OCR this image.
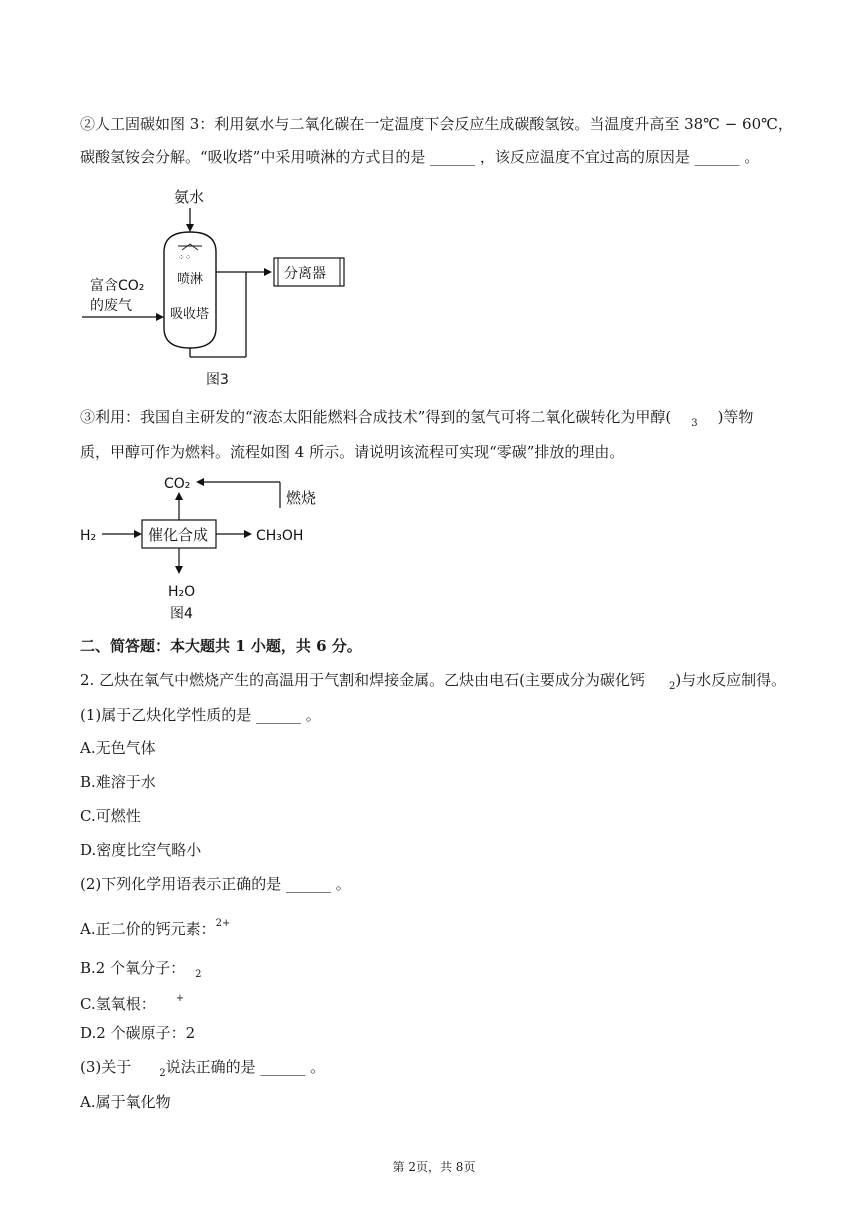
②人工固碳如图 3：利用氨水与二氧化碳在一定温度下会反应生成碳酸氢铵。当温度升高至 38℃ − 60℃，
碳酸氢铵会分解。“吸收塔”中采用喷淋的方式目的是 ______ ，该反应温度不宜过高的原因是 ______ 。
氨水
⁘⁘
喷淋
吸收塔
富含CO₂
的废气
分离器
图3
③利用：我国自主研发的“液态太阳能燃料合成技术”得到的氢气可将二氧化碳转化为甲醇( $_3$ )等物
质，甲醇可作为燃料。流程如图 4 所示。请说明该流程可实现“零碳”排放的理由。
CO₂
燃烧
H₂	催化合成	CH₃OH
H₂O
图4
二、简答题：本大题共 1 小题，共 6 分。
2. 乙炔在氧气中燃烧产生的高温用于气割和焊接金属。乙炔由电石(主要成分为碳化钙 $_2$)与水反应制得。
(1)属于乙炔化学性质的是 ______ 。
A.无色气体
B.难溶于水
C.可燃性
D.密度比空气略小
(2)下列化学用语表示正确的是 ______ 。
A.正二价的钙元素：$^{2+}$
B.2 个氧分子： $_2$
C.氢氧根： +
D.2 个碳原子：2
(3)关于	$_2$说法正确的是 ______ 。
A.属于氧化物
第 2页，共 8页
